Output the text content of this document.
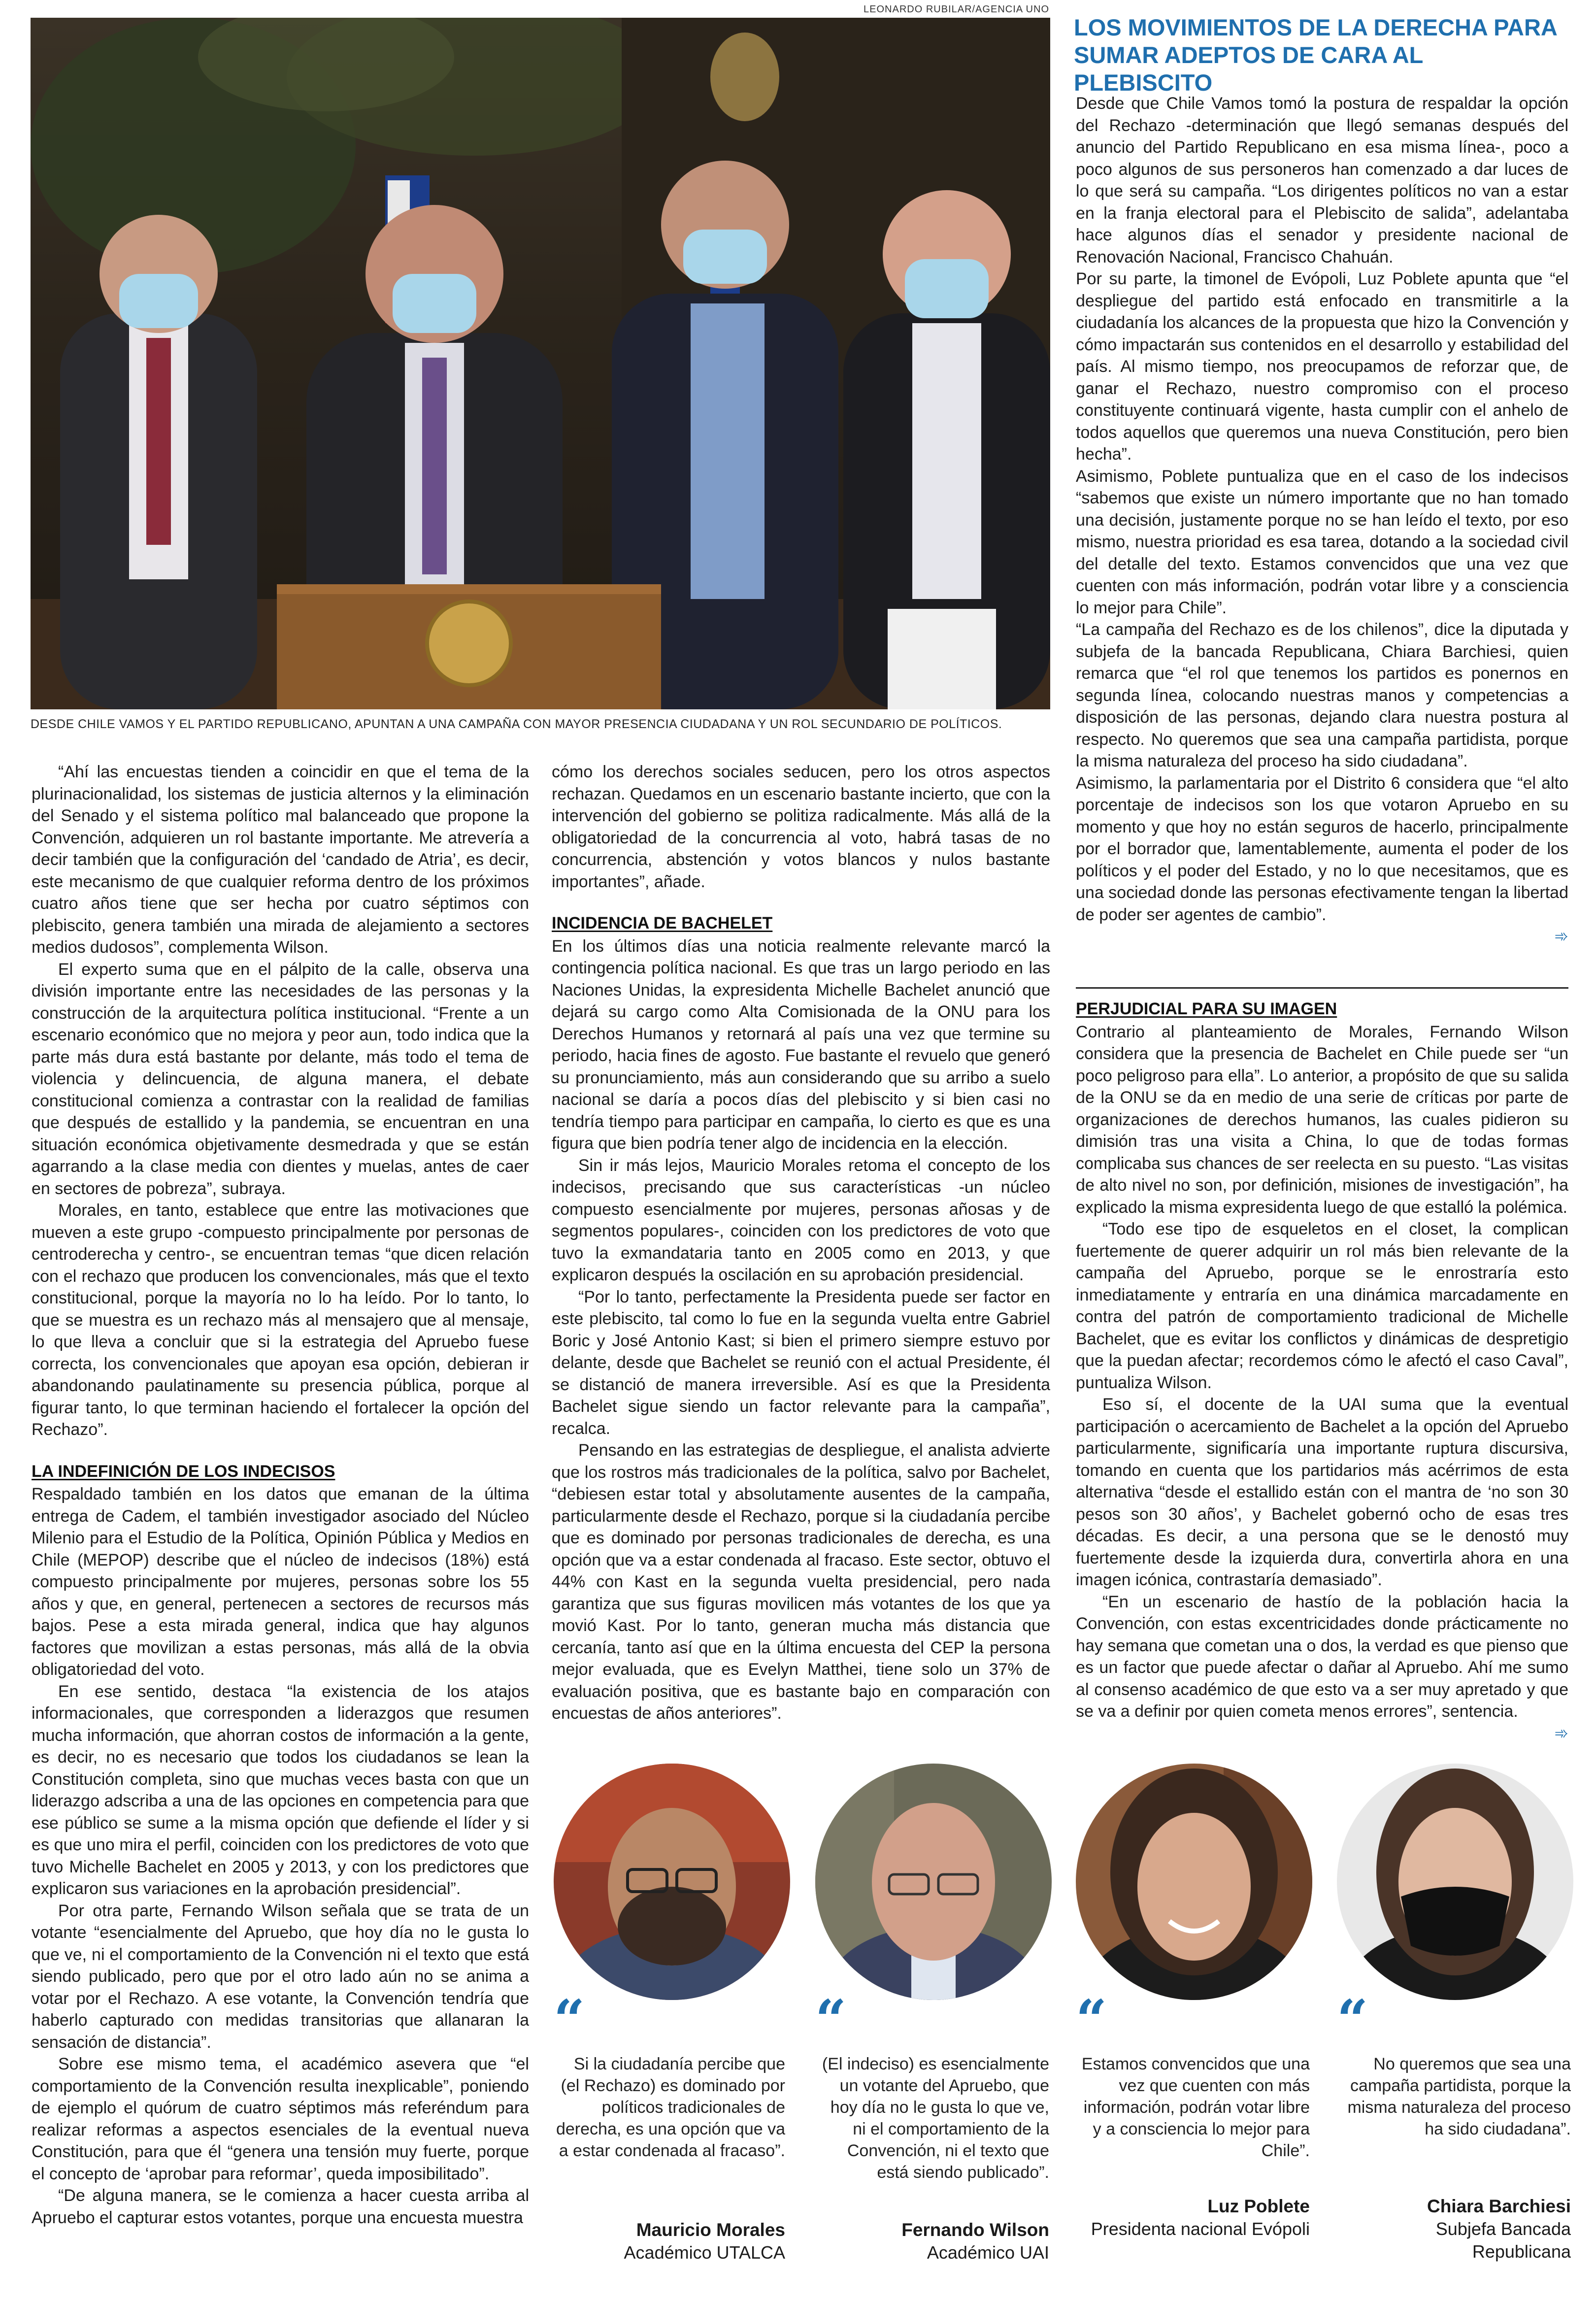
LEONARDO RUBILAR/AGENCIA UNO
DESDE CHILE VAMOS Y EL PARTIDO REPUBLICANO, APUNTAN A UNA CAMPAÑA CON MAYOR PRESENCIA CIUDADANA Y UN ROL SECUNDARIO DE POLÍTICOS.
LOS MOVIMIENTOS DE LA DERECHA PARA SUMAR ADEPTOS DE CARA AL PLEBISCITO

Desde que Chile Vamos tomó la postura de respaldar la opción del Rechazo -determinación que llegó semanas después del anuncio del Partido Republicano en esa misma línea-, poco a poco algunos de sus personeros han comenzado a dar luces de lo que será su campaña. “Los dirigentes políticos no van a estar en la franja electoral para el Plebiscito de salida”, adelantaba hace algunos días el senador y presidente nacional de Renovación Nacional, Francisco Chahuán.

Por su parte, la timonel de Evópoli, Luz Poblete apunta que “el despliegue del partido está enfocado en transmitirle a la ciudadanía los alcances de la propuesta que hizo la Convención y cómo impactarán sus contenidos en el desarrollo y estabilidad del país. Al mismo tiempo, nos preocupamos de reforzar que, de ganar el Rechazo, nuestro compromiso con el proceso constituyente continuará vigente, hasta cumplir con el anhelo de todos aquellos que queremos una nueva Constitución, pero bien hecha”.

Asimismo, Poblete puntualiza que en el caso de los indecisos “sabemos que existe un número importante que no han tomado una decisión, justamente porque no se han leído el texto, por eso mismo, nuestra prioridad es esa tarea, dotando a la sociedad civil del detalle del texto. Estamos convencidos que una vez que cuenten con más información, podrán votar libre y a consciencia lo mejor para Chile”.

“La campaña del Rechazo es de los chilenos”, dice la diputada y subjefa de la bancada Republicana, Chiara Barchiesi, quien remarca que “el rol que tenemos los partidos es ponernos en segunda línea, colocando nuestras manos y competencias a disposición de las personas, dejando clara nuestra postura al respecto. No queremos que sea una campaña partidista, porque la misma naturaleza del proceso ha sido ciudadana”.

Asimismo, la parlamentaria por el Distrito 6 considera que “el alto porcentaje de indecisos son los que votaron Apruebo en su momento y que hoy no están seguros de hacerlo, principalmente por el borrador que, lamentablemente, aumenta el poder de los políticos y el poder del Estado, y no lo que necesitamos, que es una sociedad donde las personas efectivamente tengan la libertad de poder ser agentes de cambio”.

➾
PERJUDICIAL PARA SU IMAGEN

Contrario al planteamiento de Morales, Fernando Wilson considera que la presencia de Bachelet en Chile puede ser “un poco peligroso para ella”. Lo anterior, a propósito de que su salida de la ONU se da en medio de una serie de críticas por parte de organizaciones de derechos humanos, las cuales pidieron su dimisión tras una visita a China, lo que de todas formas complicaba sus chances de ser reelecta en su puesto. “Las visitas de alto nivel no son, por definición, misiones de investigación”, ha explicado la misma expresidenta luego de que estalló la polémica.

“Todo ese tipo de esqueletos en el closet, la complican fuertemente de querer adquirir un rol más bien relevante de la campaña del Apruebo, porque se le enrostraría esto inmediatamente y entraría en una dinámica marcadamente en contra del patrón de comportamiento tradicional de Michelle Bachelet, que es evitar los conflictos y dinámicas de despretigio que la puedan afectar; recordemos cómo le afectó el caso Caval”, puntualiza Wilson.

Eso sí, el docente de la UAI suma que la eventual participación o acercamiento de Bachelet a la opción del Apruebo particularmente, significaría una importante ruptura discursiva, tomando en cuenta que los partidarios más acérrimos de esta alternativa “desde el estallido están con el mantra de ‘no son 30 pesos son 30 años’, y Bachelet gobernó ocho de esas tres décadas. Es decir, a una persona que se le denostó muy fuertemente desde la izquierda dura, convertirla ahora en una imagen icónica, contrastaría demasiado”.

“En un escenario de hastío de la población hacia la Convención, con estas excentricidades donde prácticamente no hay semana que cometan una o dos, la verdad es que pienso que es un factor que puede afectar o dañar al Apruebo. Ahí me sumo al consenso académico de que esto va a ser muy apretado y que se va a definir por quien cometa menos errores”, sentencia.

➾

“Ahí las encuestas tienden a coincidir en que el tema de la plurinacionalidad, los sistemas de justicia alternos y la eliminación del Senado y el sistema político mal balanceado que propone la Convención, adquieren un rol bastante importante. Me atrevería a decir también que la configuración del ‘candado de Atria’, es decir, este mecanismo de que cualquier reforma dentro de los próximos cuatro años tiene que ser hecha por cuatro séptimos con plebiscito, genera también una mirada de alejamiento a sectores medios dudosos”, complementa Wilson.

El experto suma que en el pálpito de la calle, observa una división importante entre las necesidades de las personas y la construcción de la arquitectura política institucional. “Frente a un escenario económico que no mejora y peor aun, todo indica que la parte más dura está bastante por delante, más todo el tema de violencia y delincuencia, de alguna manera, el debate constitucional comienza a contrastar con la realidad de familias que después de estallido y la pandemia, se encuentran en una situación económica objetivamente desmedrada y que se están agarrando a la clase media con dientes y muelas, antes de caer en sectores de pobreza”, subraya.

Morales, en tanto, establece que entre las motivaciones que mueven a este grupo -compuesto principalmente por personas de centroderecha y centro-, se encuentran temas “que dicen relación con el rechazo que producen los convencionales, más que el texto constitucional, porque la mayoría no lo ha leído. Por lo tanto, lo que se muestra es un rechazo más al mensajero que al mensaje, lo que lleva a concluir que si la estrategia del Apruebo fuese correcta, los convencionales que apoyan esa opción, debieran ir abandonando paulatinamente su presencia pública, porque al figurar tanto, lo que terminan haciendo el fortalecer la opción del Rechazo”.

LA INDEFINICIÓN DE LOS INDECISOS

Respaldado también en los datos que emanan de la última entrega de Cadem, el también investigador asociado del Núcleo Milenio para el Estudio de la Política, Opinión Pública y Medios en Chile (MEPOP) describe que el núcleo de indecisos (18%) está compuesto principalmente por mujeres, personas sobre los 55 años y que, en general, pertenecen a sectores de recursos más bajos. Pese a esta mirada general, indica que hay algunos factores que movilizan a estas personas, más allá de la obvia obligatoriedad del voto.

En ese sentido, destaca “la existencia de los atajos informacionales, que corresponden a liderazgos que resumen mucha información, que ahorran costos de información a la gente, es decir, no es necesario que todos los ciudadanos se lean la Constitución completa, sino que muchas veces basta con que un liderazgo adscriba a una de las opciones en competencia para que ese público se sume a la misma opción que defiende el líder y si es que uno mira el perfil, coinciden con los predictores de voto que tuvo Michelle Bachelet en 2005 y 2013, y con los predictores que explicaron sus variaciones en la aprobación presidencial”.

Por otra parte, Fernando Wilson señala que se trata de un votante “esencialmente del Apruebo, que hoy día no le gusta lo que ve, ni el comportamiento de la Convención ni el texto que está siendo publicado, pero que por el otro lado aún no se anima a votar por el Rechazo. A ese votante, la Convención tendría que haberlo capturado con medidas transitorias que allanaran la sensación de distancia”.

Sobre ese mismo tema, el académico asevera que “el comportamiento de la Convención resulta inexplicable”, poniendo de ejemplo el quórum de cuatro séptimos más referéndum para realizar reformas a aspectos esenciales de la eventual nueva Constitución, para que él “genera una tensión muy fuerte, porque el concepto de ‘aprobar para reformar’, queda imposibilitado”.

“De alguna manera, se le comienza a hacer cuesta arriba al Apruebo el capturar estos votantes, porque una encuesta muestra

cómo los derechos sociales seducen, pero los otros aspectos rechazan. Quedamos en un escenario bastante incierto, que con la intervención del gobierno se politiza radicalmente. Más allá de la obligatoriedad de la concurrencia al voto, habrá tasas de no concurrencia, abstención y votos blancos y nulos bastante importantes”, añade.

INCIDENCIA DE BACHELET

En los últimos días una noticia realmente relevante marcó la contingencia política nacional. Es que tras un largo periodo en las Naciones Unidas, la expresidenta Michelle Bachelet anunció que dejará su cargo como Alta Comisionada de la ONU para los Derechos Humanos y retornará al país una vez que termine su periodo, hacia fines de agosto. Fue bastante el revuelo que generó su pronunciamiento, más aun considerando que su arribo a suelo nacional se daría a pocos días del plebiscito y si bien casi no tendría tiempo para participar en campaña, lo cierto es que es una figura que bien podría tener algo de incidencia en la elección.

Sin ir más lejos, Mauricio Morales retoma el concepto de los indecisos, precisando que sus características -un núcleo compuesto esencialmente por mujeres, personas añosas y de segmentos populares-, coinciden con los predictores de voto que tuvo la exmandataria tanto en 2005 como en 2013, y que explicaron después la oscilación en su aprobación presidencial.

“Por lo tanto, perfectamente la Presidenta puede ser factor en este plebiscito, tal como lo fue en la segunda vuelta entre Gabriel Boric y José Antonio Kast; si bien el primero siempre estuvo por delante, desde que Bachelet se reunió con el actual Presidente, él se distanció de manera irreversible. Así es que la Presidenta Bachelet sigue siendo un factor relevante para la campaña”, recalca.

Pensando en las estrategias de despliegue, el analista advierte que los rostros más tradicionales de la política, salvo por Bachelet, “debiesen estar total y absolutamente ausentes de la campaña, particularmente desde el Rechazo, porque si la ciudadanía percibe que es dominado por personas tradicionales de derecha, es una opción que va a estar condenada al fracaso. Este sector, obtuvo el 44% con Kast en la segunda vuelta presidencial, pero nada garantiza que sus figuras movilicen más votantes de los que ya movió Kast. Por lo tanto, generan mucha más distancia que cercanía, tanto así que en la última encuesta del CEP la persona mejor evaluada, que es Evelyn Matthei, tiene solo un 37% de evaluación positiva, que es bastante bajo en comparación con encuestas de años anteriores”.

“
Si la ciudadanía percibe que (el Rechazo) es dominado por políticos tradicionales de derecha, es una opción que va a estar condenada al fracaso”.
Mauricio Morales
Académico UTALCA
“
(El indeciso) es esencialmente un votante del Apruebo, que hoy día no le gusta lo que ve, ni el comportamiento de la Convención, ni el texto que está siendo publicado”.
Fernando Wilson
Académico UAI
“
Estamos convencidos que una vez que cuenten con más información, podrán votar libre y a consciencia lo mejor para Chile”.
Luz Poblete
Presidenta nacional Evópoli
“
No queremos que sea una campaña partidista, porque la misma naturaleza del proceso ha sido ciudadana”.
Chiara Barchiesi
Subjefa Bancada Republicana
